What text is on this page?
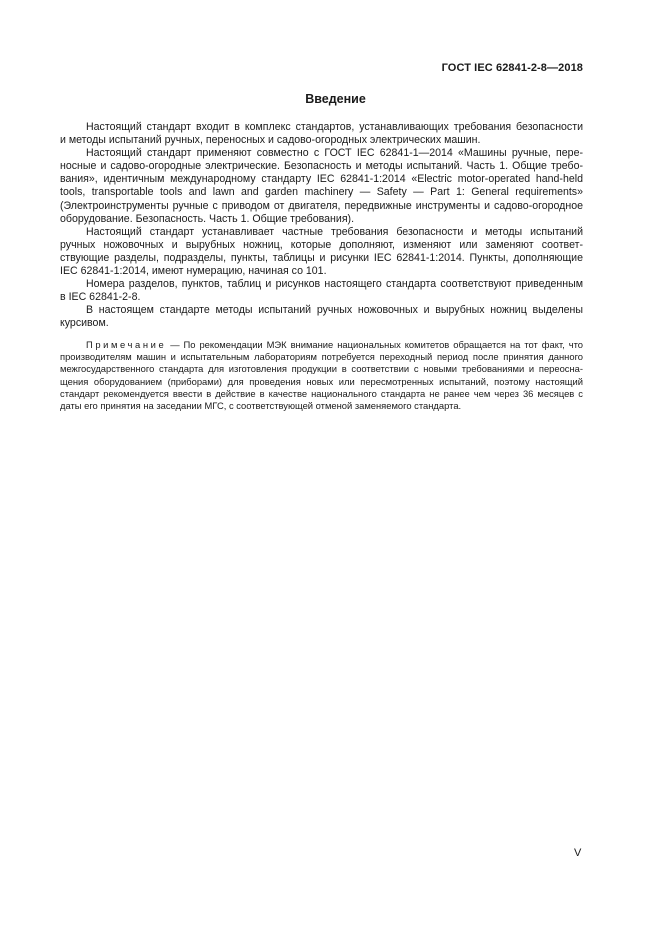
ГОСТ IEC 62841-2-8—2018
Введение
Настоящий стандарт входит в комплекс стандартов, устанавливающих требования безопасности
и методы испытаний ручных, переносных и садово-огородных электрических машин.
Настоящий стандарт применяют совместно с ГОСТ IEC 62841-1—2014 «Машины ручные, пере-
носные и садово-огородные электрические. Безопасность и методы испытаний. Часть 1. Общие требо-
вания», идентичным международному стандарту IEC 62841-1:2014 «Electric motor-operated hand-held
tools, transportable tools and lawn and garden machinery — Safety — Part 1: General requirements»
(Электроинструменты ручные с приводом от двигателя, передвижные инструменты и садово-огородное
оборудование. Безопасность. Часть 1. Общие требования).
Настоящий стандарт устанавливает частные требования безопасности и методы испытаний
ручных ножовочных и вырубных ножниц, которые дополняют, изменяют или заменяют соответ-
ствующие разделы, подразделы, пункты, таблицы и рисунки IEC 62841-1:2014. Пункты, дополняющие
IEC 62841-1:2014, имеют нумерацию, начиная со 101.
Номера разделов, пунктов, таблиц и рисунков настоящего стандарта соответствуют приведенным
в IEC 62841-2-8.
В настоящем стандарте методы испытаний ручных ножовочных и вырубных ножниц выделены
курсивом.
Примечание — По рекомендации МЭК внимание национальных комитетов обращается на тот факт, что
производителям машин и испытательным лабораториям потребуется переходный период после принятия данного
межгосударственного стандарта для изготовления продукции в соответствии с новыми требованиями и переосна-
щения оборудованием (приборами) для проведения новых или пересмотренных испытаний, поэтому настоящий
стандарт рекомендуется ввести в действие в качестве национального стандарта не ранее чем через 36 месяцев с
даты его принятия на заседании МГС, с соответствующей отменой заменяемого стандарта.
V
